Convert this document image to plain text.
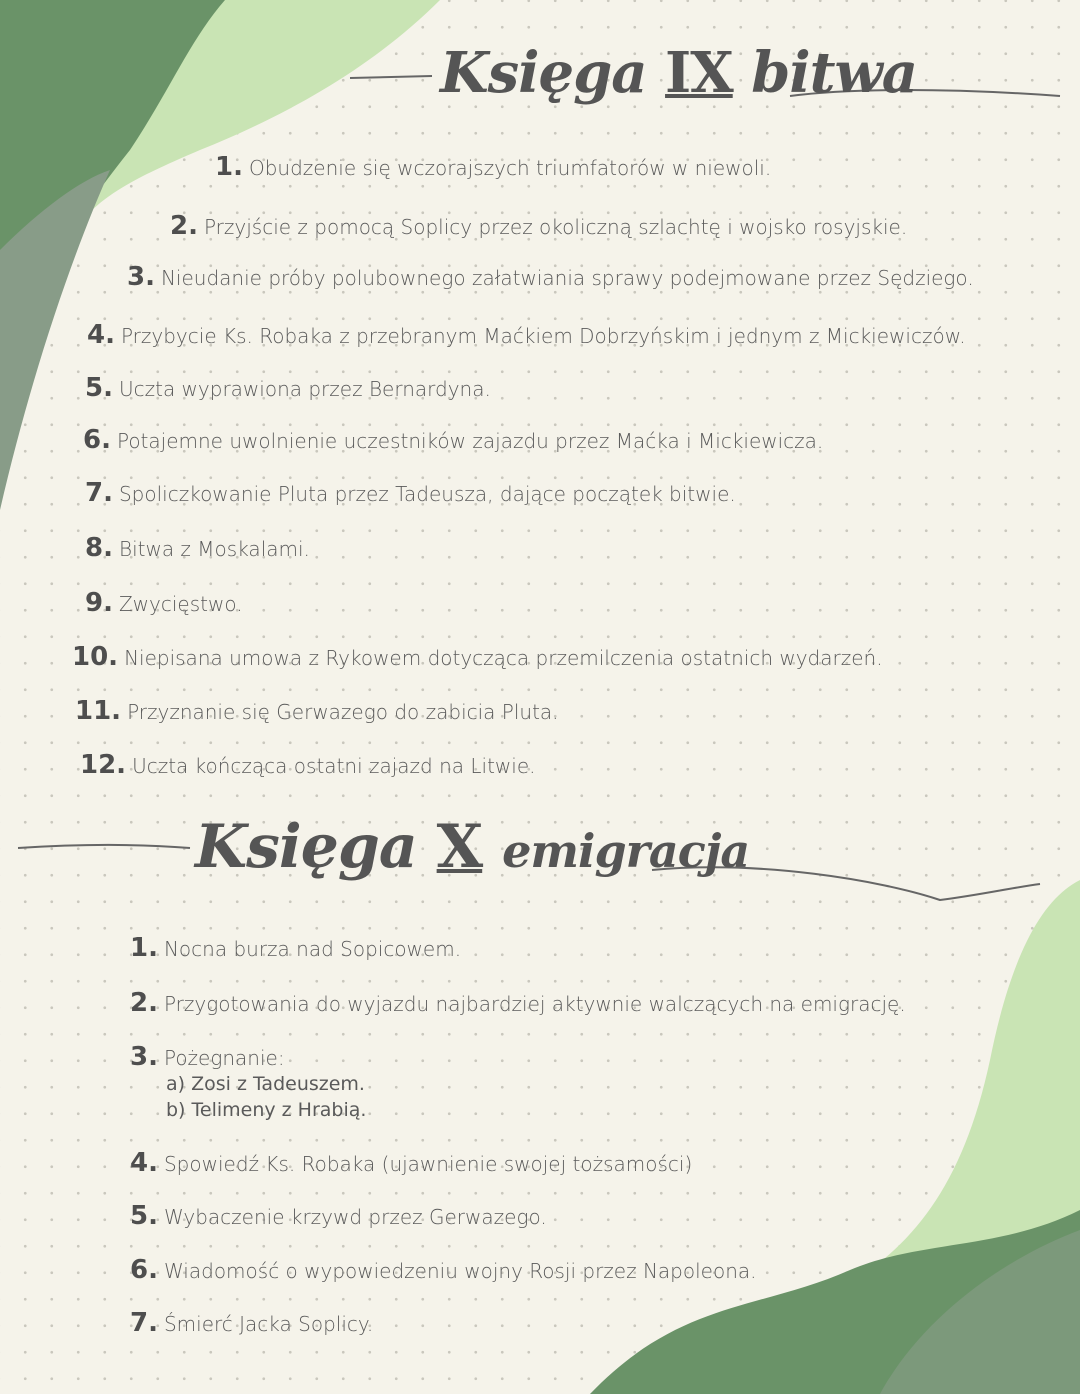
Księga IX bitwa
1. Obudzenie się wczorajszych triumfatorów w niewoli.
2. Przyjście z pomocą Soplicy przez okoliczną szlachtę i wojsko rosyjskie.
3. Nieudanie próby polubownego załatwiania sprawy podejmowane przez Sędziego.
4. Przybycie Ks. Robaka z przebranym Maćkiem Dobrzyńskim i jednym z Mickiewiczów.
5. Uczta wyprawiona przez Bernardyna.
6. Potajemne uwolnienie uczestników zajazdu przez Maćka i Mickiewicza.
7. Spoliczkowanie Pluta przez Tadeusza, dające początek bitwie.
8. Bitwa z Moskalami.
9. Zwycięstwo.
10. Niepisana umowa z Rykowem dotycząca przemilczenia ostatnich wydarzeń.
11. Przyznanie się Gerwazego do zabicia Pluta.
12. Uczta kończąca ostatni zajazd na Litwie.
Księga X emigracja
1. Nocna burza nad Sopicowem.
2. Przygotowania do wyjazdu najbardziej aktywnie walczących na emigrację.
3. Pożegnanie:
a) Zosi z Tadeuszem.
b) Telimeny z Hrabią.
4. Spowiedź Ks. Robaka (ujawnienie swojej tożsamości)
5. Wybaczenie krzywd przez Gerwazego.
6. Wiadomość o wypowiedzeniu wojny Rosji przez Napoleona.
7. Śmierć Jacka Soplicy.
